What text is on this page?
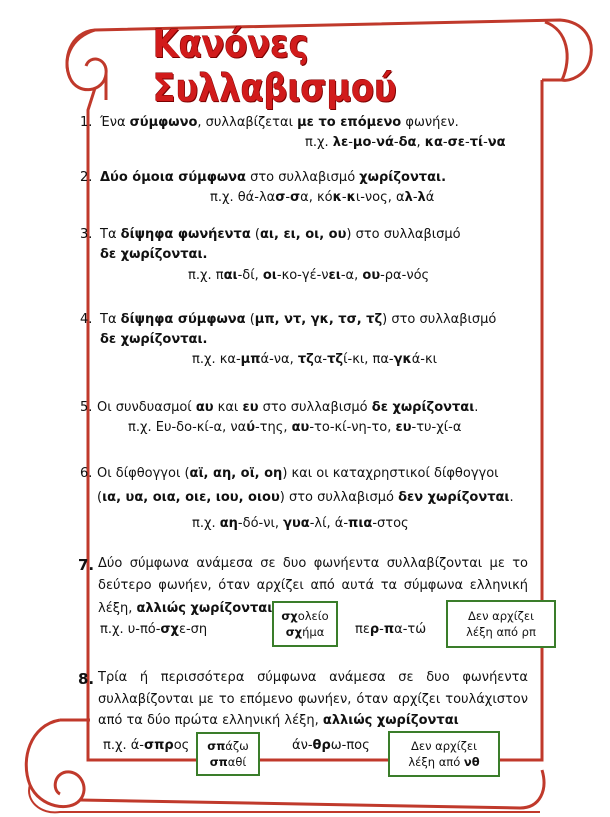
Κανόνες Συλλαβισμού
1. Ένα σύμφωνο, συλλαβίζεται με το επόμενο φωνήεν.
π.χ. λε-μο-νά-δα, κα-σε-τί-να
2. Δύο όμοια σύμφωνα στο συλλαβισμό χωρίζονται.
π.χ. θά-λασ-σα, κόκ-κι-νος, αλ-λά
3. Τα δίψηφα φωνήεντα (αι, ει, οι, ου) στο συλλαβισμό
δε χωρίζονται.
π.χ. παι-δί, οι-κο-γέ-νει-α, ου-ρα-νός
4. Τα δίψηφα σύμφωνα (μπ, ντ, γκ, τσ, τζ) στο συλλαβισμό
δε χωρίζονται.
π.χ. κα-μπά-να, τζα-τζί-κι, πα-γκά-κι
5. Οι συνδυασμοί αυ και ευ στο συλλαβισμό δε χωρίζονται.
π.χ. Ευ-δο-κί-α, ναύ-της, αυ-το-κί-νη-το, ευ-τυ-χί-α
6. Οι δίφθογγοι (αϊ, αη, οϊ, οη) και οι καταχρηστικοί δίφθογγοι
(ια, υα, οια, οιε, ιου, οιου) στο συλλαβισμό δεν χωρίζονται.
π.χ. αη-δό-νι, γυα-λί, ά-πια-στος
7. Δύο σύμφωνα ανάμεσα σε δυο φωνήεντα συλλαβίζονται με το
δεύτερο φωνήεν, όταν αρχίζει από αυτά τα σύμφωνα ελληνική
λέξη, αλλιώς χωρίζονται
π.χ. υ-πό-σχε-ση
σχολείο
σχήμα περ-πα-τώ
Δεν αρχίζει
λέξη από ρπ
8. Τρία ή περισσότερα σύμφωνα ανάμεσα σε δυο φωνήεντα
συλλαβίζονται με το επόμενο φωνήεν, όταν αρχίζει τουλάχιστον
από τα δύο πρώτα ελληνική λέξη, αλλιώς χωρίζονται
π.χ. ά-σπρος σπάζω
σπαθί
άν-θρω-πος	Δεν αρχίζει
λέξη από νθ
